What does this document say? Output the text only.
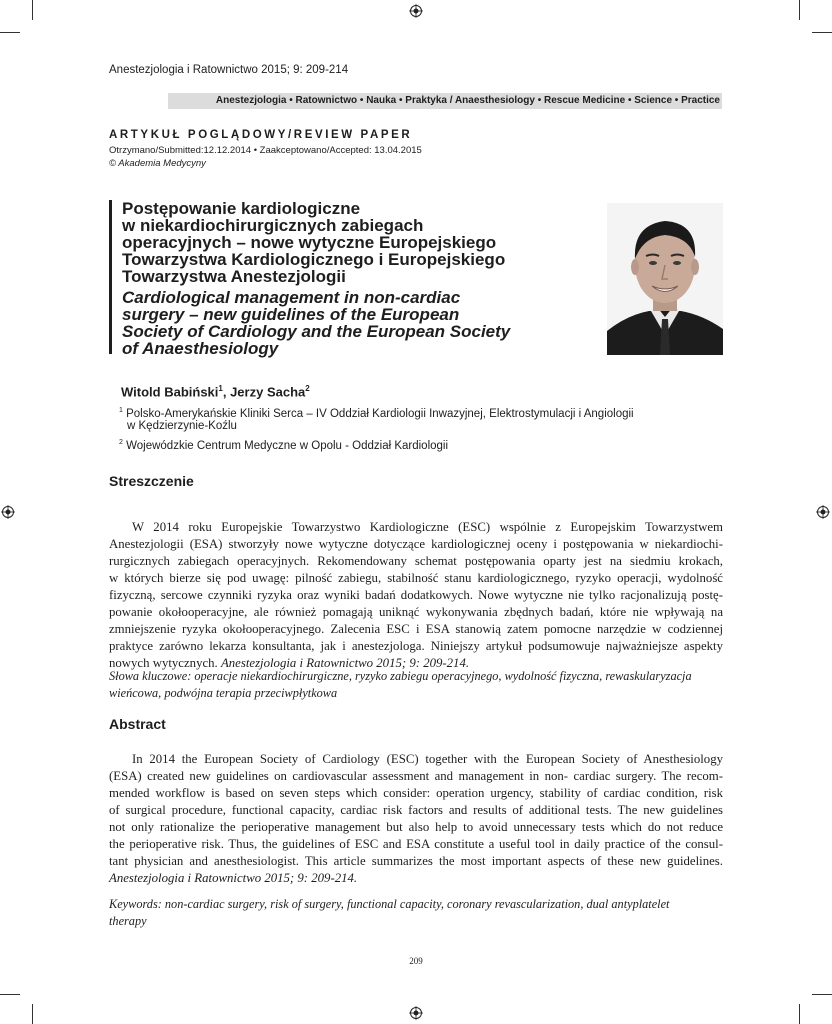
Anestezjologia i Ratownictwo 2015; 9: 209-214
Anestezjologia • Ratownictwo • Nauka • Praktyka / Anaesthesiology • Rescue Medicine • Science • Practice
ARTYKUŁ POGLĄDOWY/REVIEW PAPER
Otrzymano/Submitted:12.12.2014 • Zaakceptowano/Accepted: 13.04.2015
© Akademia Medycyny

Postępowanie kardiologiczne

w niekardiochirurgicznych zabiegach

operacyjnych – nowe wytyczne Europejskiego

Towarzystwa Kardiologicznego i Europejskiego

Towarzystwa Anestezjologii

Cardiological management in non-cardiac

surgery – new guidelines of the European

Society of Cardiology and the European Society

of Anaesthesiology

Witold Babiński$^1$, Jerzy Sacha$^2$
$^1$ Polsko-Amerykańskie Kliniki Serca – IV Oddział Kardiologii Inwazyjnej, Elektrostymulacji i Angiologii
w Kędzierzynie-Koźlu
$^2$ Wojewódzkie Centrum Medyczne w Opolu - Oddział Kardiologii
Streszczenie
W 2014 roku Europejskie Towarzystwo Kardiologiczne (ESC) wspólnie z Europejskim Towarzystwem
Anestezjologii (ESA) stworzyły nowe wytyczne dotyczące kardiologicznej oceny i postępowania w niekardiochi-
rurgicznych zabiegach operacyjnych. Rekomendowany schemat postępowania oparty jest na siedmiu krokach,
w których bierze się pod uwagę: pilność zabiegu, stabilność stanu kardiologicznego, ryzyko operacji, wydolność
fizyczną, sercowe czynniki ryzyka oraz wyniki badań dodatkowych. Nowe wytyczne nie tylko racjonalizują postę-
powanie okołooperacyjne, ale również pomagają uniknąć wykonywania zbędnych badań, które nie wpływają na
zmniejszenie ryzyka okołooperacyjnego. Zalecenia ESC i ESA stanowią zatem pomocne narzędzie w codziennej
praktyce zarówno lekarza konsultanta, jak i anestezjologa. Niniejszy artykuł podsumowuje najważniejsze aspekty
nowych wytycznych. Anestezjologia i Ratownictwo 2015; 9: 209-214.
Słowa kluczowe: operacje niekardiochirurgiczne, ryzyko zabiegu operacyjnego, wydolność fizyczna, rewaskularyzacja
wieńcowa, podwójna terapia przeciwpłytkowa
Abstract
In 2014 the European Society of Cardiology (ESC) together with the European Society of Anesthesiology
(ESA) created new guidelines on cardiovascular assessment and management in non- cardiac surgery. The recom-
mended workflow is based on seven steps which consider: operation urgency, stability of cardiac condition, risk
of surgical procedure, functional capacity, cardiac risk factors and results of additional tests. The new guidelines
not only rationalize the perioperative management but also help to avoid unnecessary tests which do not reduce
the perioperative risk. Thus, the guidelines of ESC and ESA constitute a useful tool in daily practice of the consul-
tant physician and anesthesiologist. This article summarizes the most important aspects of these new guidelines.
Anestezjologia i Ratownictwo 2015; 9: 209-214.
Keywords: non-cardiac surgery, risk of surgery, functional capacity, coronary revascularization, dual antyplatelet
therapy
209
